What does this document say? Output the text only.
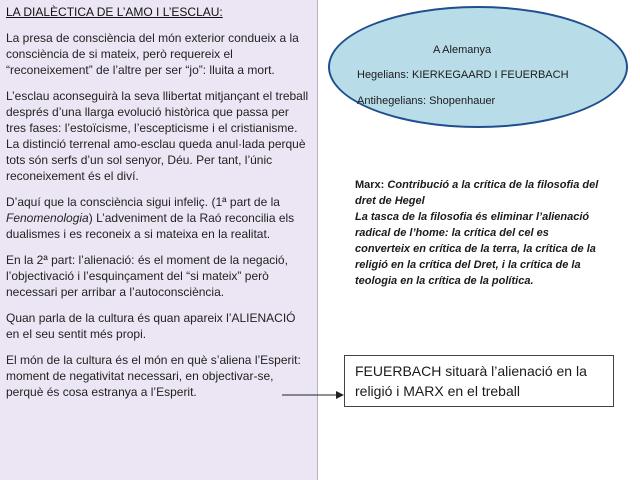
LA DIALÈCTICA DE L’AMO I L’ESCLAU:

La presa de consciència del món exterior condueix a la consciència de si mateix, però requereix el “reconeixement” de l’altre per ser “jo”: lluita a mort.

L’esclau aconseguirà la seva llibertat mitjançant el treball després d’una llarga evolució històrica que passa per tres fases: l’estoïcisme, l’escepticisme i el cristianisme. La distinció terrenal amo-esclau queda anul·lada perquè tots són serfs d’un sol senyor, Déu. Per tant, l’únic reconeixement és el diví.

D’aquí que la consciència sigui infeliç. (1ª part de la Fenomenologia) L’adveniment de la Raó reconcilia els dualismes i es reconeix a si mateixa en la realitat.

En la 2ª part: l’alienació: és el moment de la negació, l’objectivació i l’esquinçament del “si mateix” però necessari per arribar a l’autoconsciència.

Quan parla de la cultura és quan apareix l’ALIENACIÓ en el seu sentit més propi.

El món de la cultura és el món en què s’aliena l’Esperit: moment de negativitat necessari, en objectivar-se, perquè és cosa estranya a l’Esperit.

A Alemanya
Hegelians: KIERKEGAARD I FEUERBACH
Antihegelians: Shopenhauer

Marx: Contribució a la crítica de la filosofia del dret de Hegel

La tasca de la filosofia és eliminar l’alienació radical de l’home: la crítica del cel es converteix en crítica de la terra, la crítica de la religió en la crítica del Dret, i la crítica de la teologia en la crítica de la política.

FEUERBACH situarà l’alienació en la religió i MARX en el treball
